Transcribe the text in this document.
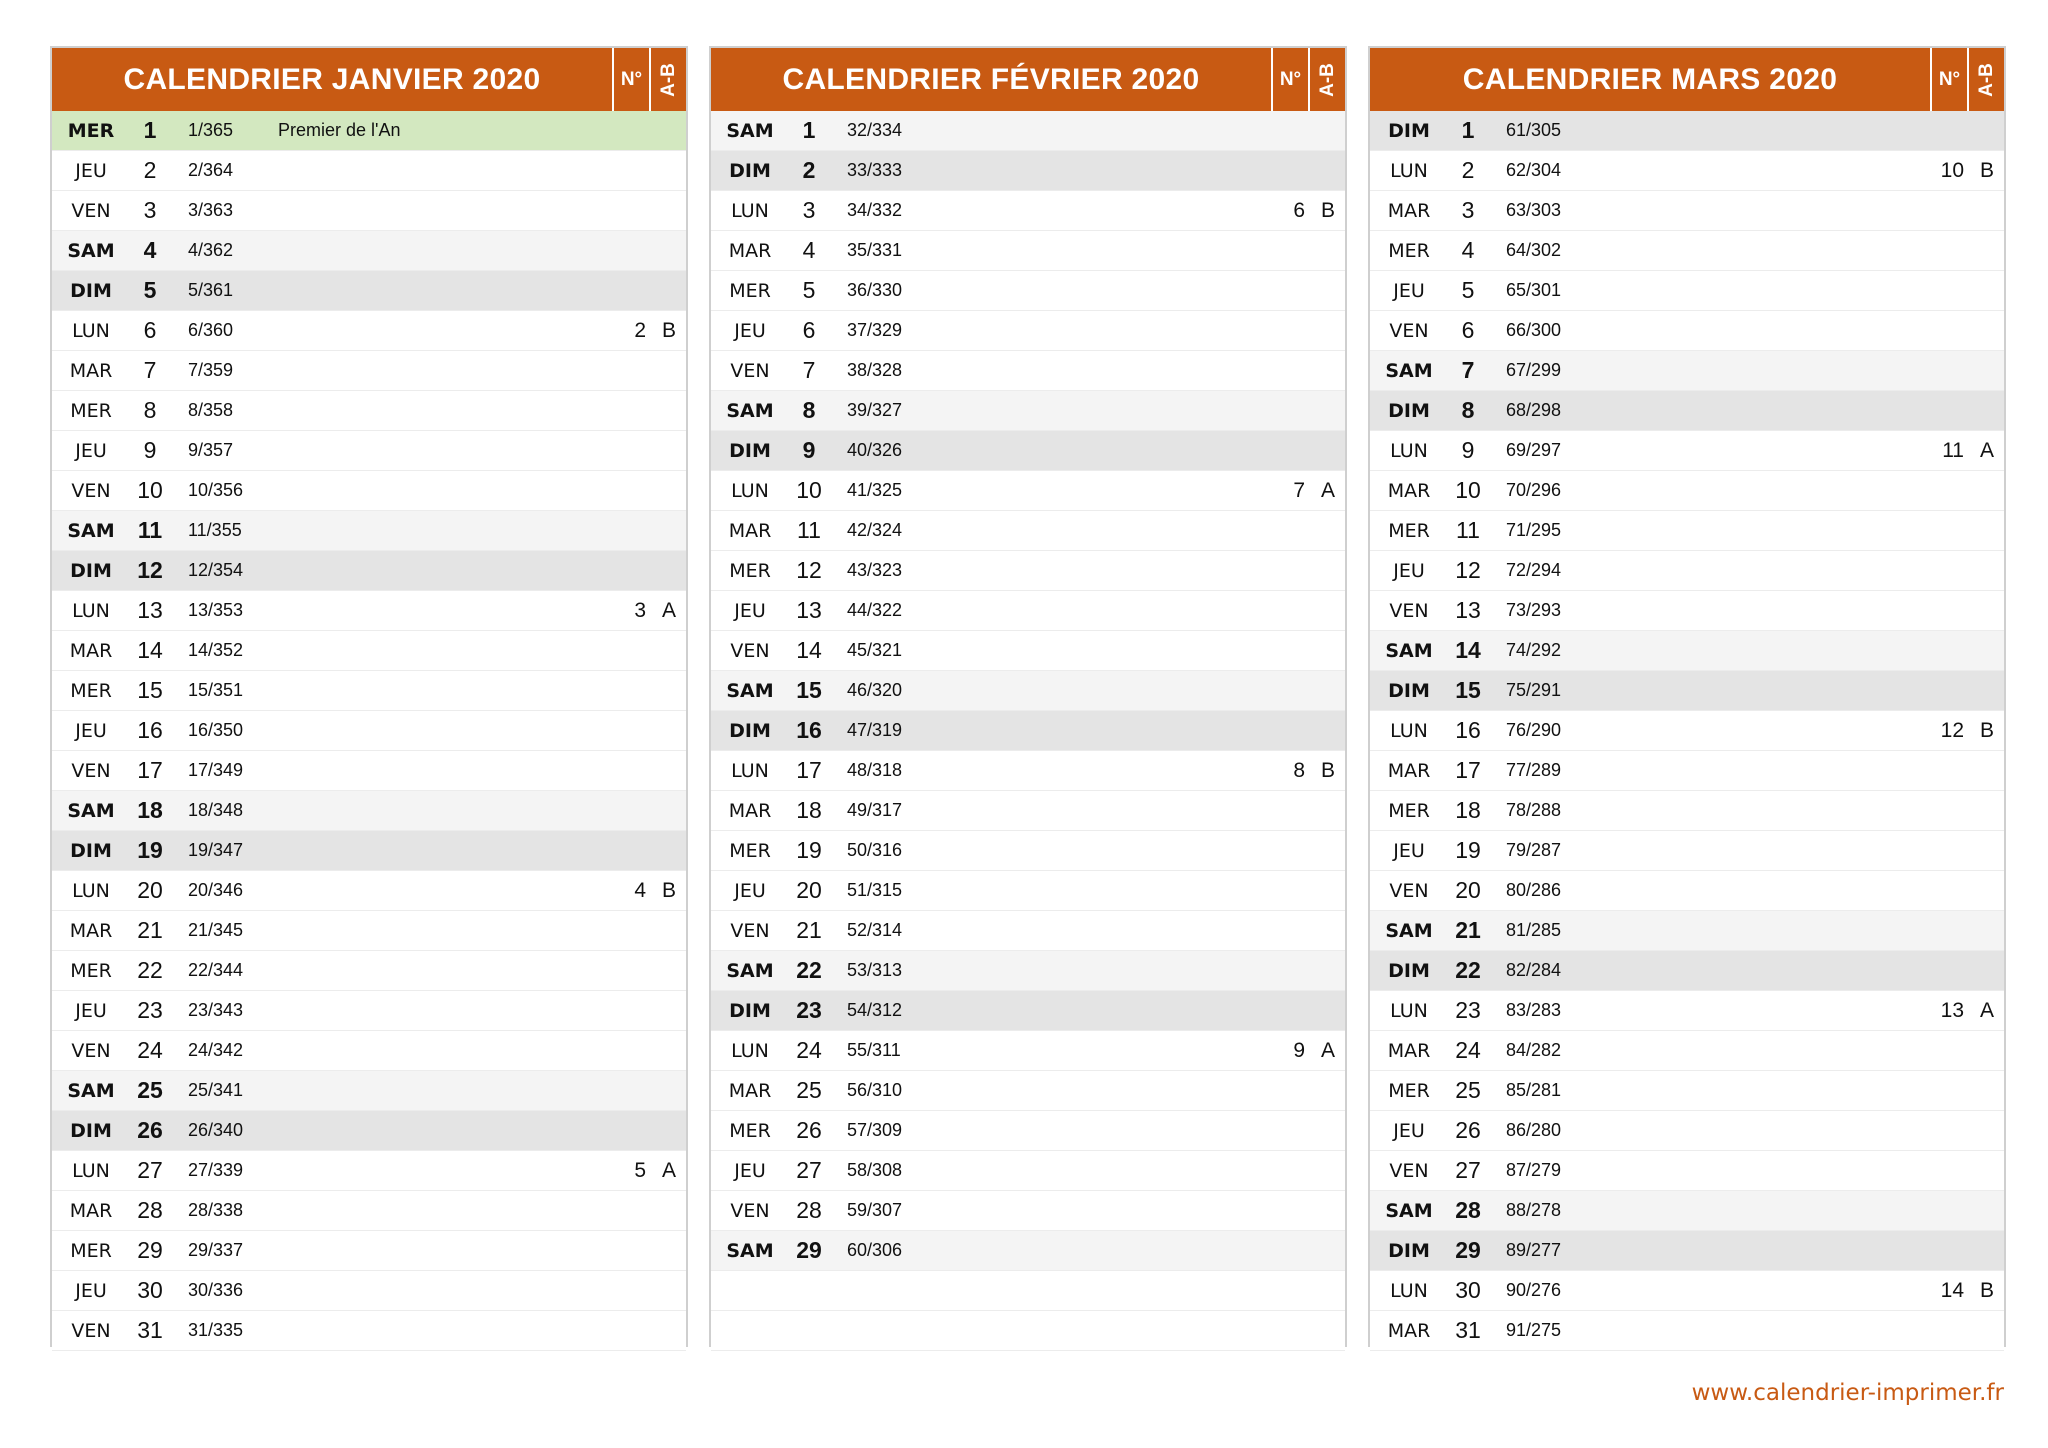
CALENDRIER JANVIER 2020	N° A-B
MER	1	1/365	Premier de l'An
JEU	2	2/364
VEN	3	3/363
SAM	4	4/362
DIM	5	5/361
LUN	6	6/360	2 B
MAR	7	7/359
MER	8	8/358
JEU	9	9/357
VEN	10	10/356
SAM	11	11/355
DIM	12	12/354
LUN	13	13/353	3 A
MAR	14	14/352
MER	15	15/351
JEU	16	16/350
VEN	17	17/349
SAM 18	18/348
DIM	19	19/347
LUN	20	20/346	4 B
MAR	21	21/345
MER	22	22/344
JEU	23	23/343
VEN	24	24/342
SAM 25	25/341
DIM	26	26/340
LUN	27	27/339	5 A
MAR	28	28/338
MER	29	29/337
JEU	30	30/336
VEN	31	31/335
CALENDRIER FÉVRIER 2020	N° A-B
SAM	1	32/334
DIM	2	33/333
LUN	3	34/332	6 B
MAR	4	35/331
MER	5	36/330
JEU	6	37/329
VEN	7	38/328
SAM	8	39/327
DIM	9	40/326
LUN	10	41/325	7 A
MAR	11	42/324
MER	12	43/323
JEU	13	44/322
VEN	14	45/321
SAM 15	46/320
DIM	16	47/319
LUN	17	48/318	8 B
MAR	18	49/317
MER	19	50/316
JEU	20	51/315
VEN	21	52/314
SAM 22	53/313
DIM	23	54/312
LUN	24	55/311	9 A
MAR	25	56/310
MER	26	57/309
JEU	27	58/308
VEN	28	59/307
SAM 29	60/306
CALENDRIER MARS 2020	N° A-B
DIM	1	61/305
LUN	2	62/304	10 B
MAR	3	63/303
MER	4	64/302
JEU	5	65/301
VEN	6	66/300
SAM	7	67/299
DIM	8	68/298
LUN	9	69/297	11 A
MAR	10	70/296
MER	11	71/295
JEU	12	72/294
VEN	13	73/293
SAM 14	74/292
DIM	15	75/291
LUN	16	76/290	12 B
MAR	17	77/289
MER	18	78/288
JEU	19	79/287
VEN	20	80/286
SAM 21	81/285
DIM	22	82/284
LUN	23	83/283	13 A
MAR	24	84/282
MER	25	85/281
JEU	26	86/280
VEN	27	87/279
SAM 28	88/278
DIM	29	89/277
LUN	30	90/276	14 B
MAR	31	91/275
www.calendrier-imprimer.fr
